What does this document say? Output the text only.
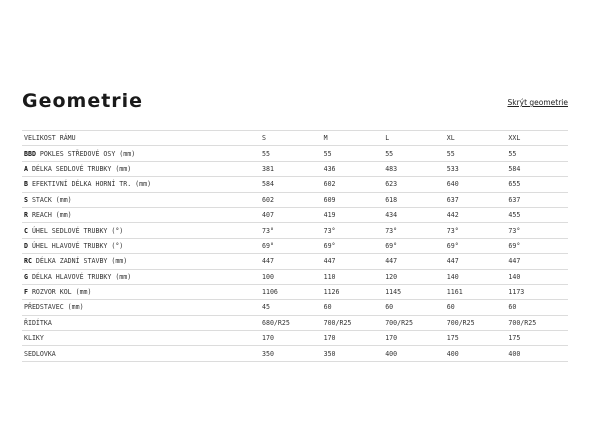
Geometrie	Skrýt geometrie
VELIKOST RÁMU	S	M	L	XL	XXL
BBD POKLES STŘEDOVÉ OSY (mm)	55	55	55	55	55
A DÉLKA SEDLOVÉ TRUBKY (mm)	381	436	483	533	584
B EFEKTIVNÍ DÉLKA HORNÍ TR. (mm)	584	602	623	640	655
S STACK (mm)	602	609	618	637	637
R REACH (mm)	407	419	434	442	455
C ÚHEL SEDLOVÉ TRUBKY (°)	73°	73°	73°	73°	73°
D ÚHEL HLAVOVÉ TRUBKY (°)	69°	69°	69°	69°	69°
RC DÉLKA ZADNÍ STAVBY (mm)	447	447	447	447	447
G DÉLKA HLAVOVÉ TRUBKY (mm)	100	110	120	140	140
F ROZVOR KOL (mm)	1106	1126	1145	1161	1173
PŘEDSTAVEC (mm)	45	60	60	60	60
ŘIDÍTKA	680/R25	700/R25	700/R25	700/R25	700/R25
KLIKY	170	170	170	175	175
SEDLOVKA	350	350	400	400	400
